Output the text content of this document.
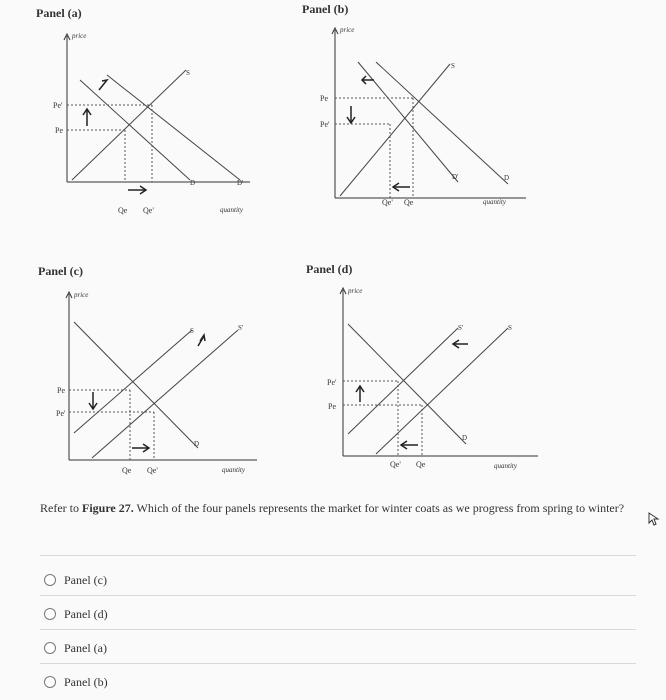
Panel (a)
price
Pe'
Pe
Qe Qe'
S
D	D'
quantity
Panel (b)
price
Pe
Pe'
Qe' Qe
S
D'	D
quantity
Panel (c)
price
Pe
Pe'
Qe Qe'
S	S'
D
quantity
Panel (d)
price
Pe'
Pe
Qe' Qe
S'	S
D
quantity
Refer to Figure 27. Which of the four panels represents the market for winter coats as we progress from spring to winter?
Panel (c)
Panel (d)
Panel (a)
Panel (b)
